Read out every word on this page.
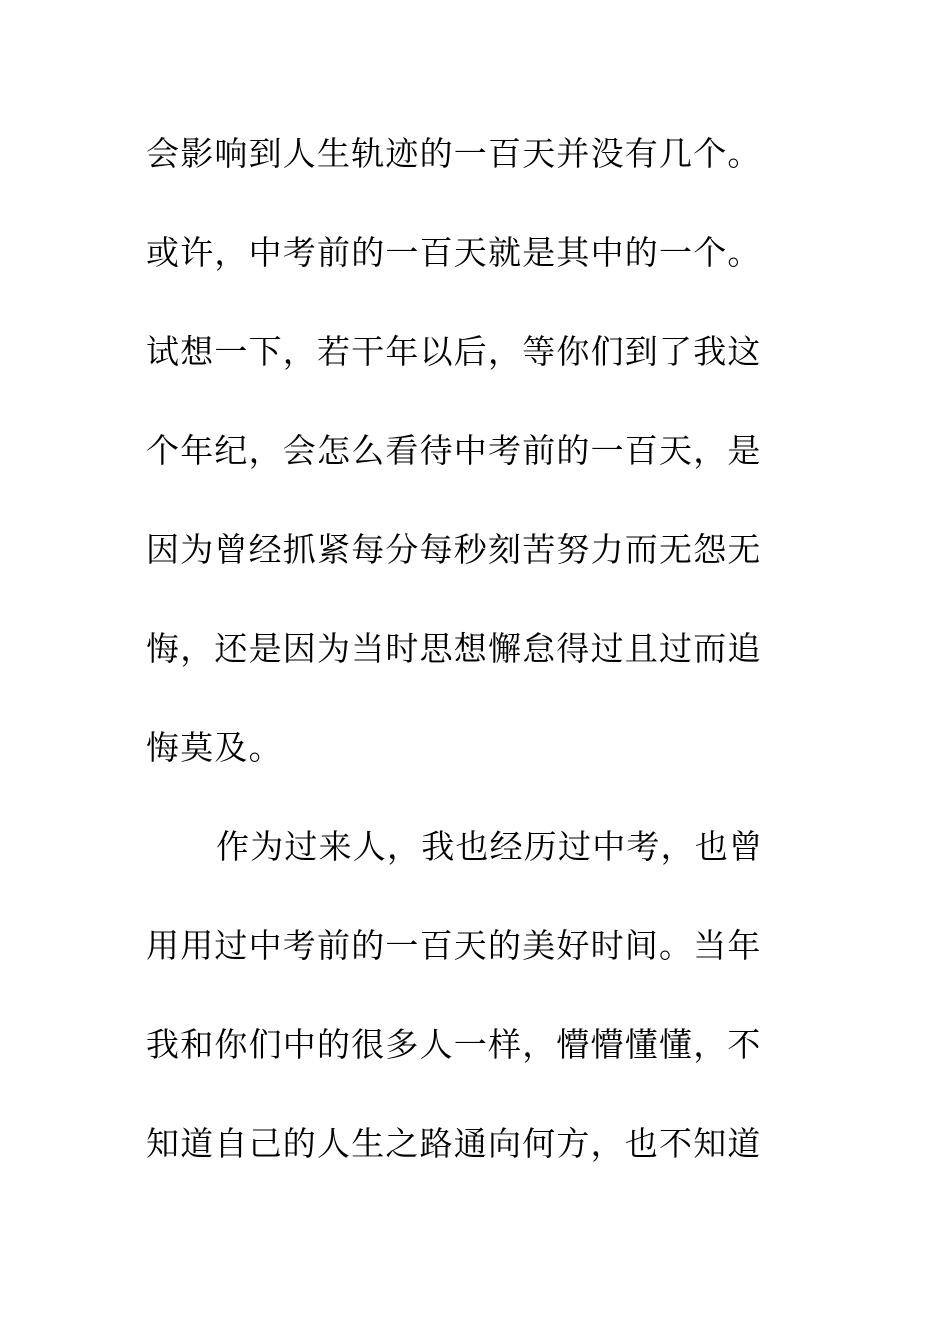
会影响到人生轨迹的一百天并没有几个。
或许，中考前的一百天就是其中的一个。
试想一下，若干年以后，等你们到了我这
个年纪，会怎么看待中考前的一百天，是
因为曾经抓紧每分每秒刻苦努力而无怨无
悔，还是因为当时思想懈怠得过且过而追
悔莫及。
作为过来人，我也经历过中考，也曾
用用过中考前的一百天的美好时间。当年
我和你们中的很多人一样，懵懵懂懂，不
知道自己的人生之路通向何方，也不知道
